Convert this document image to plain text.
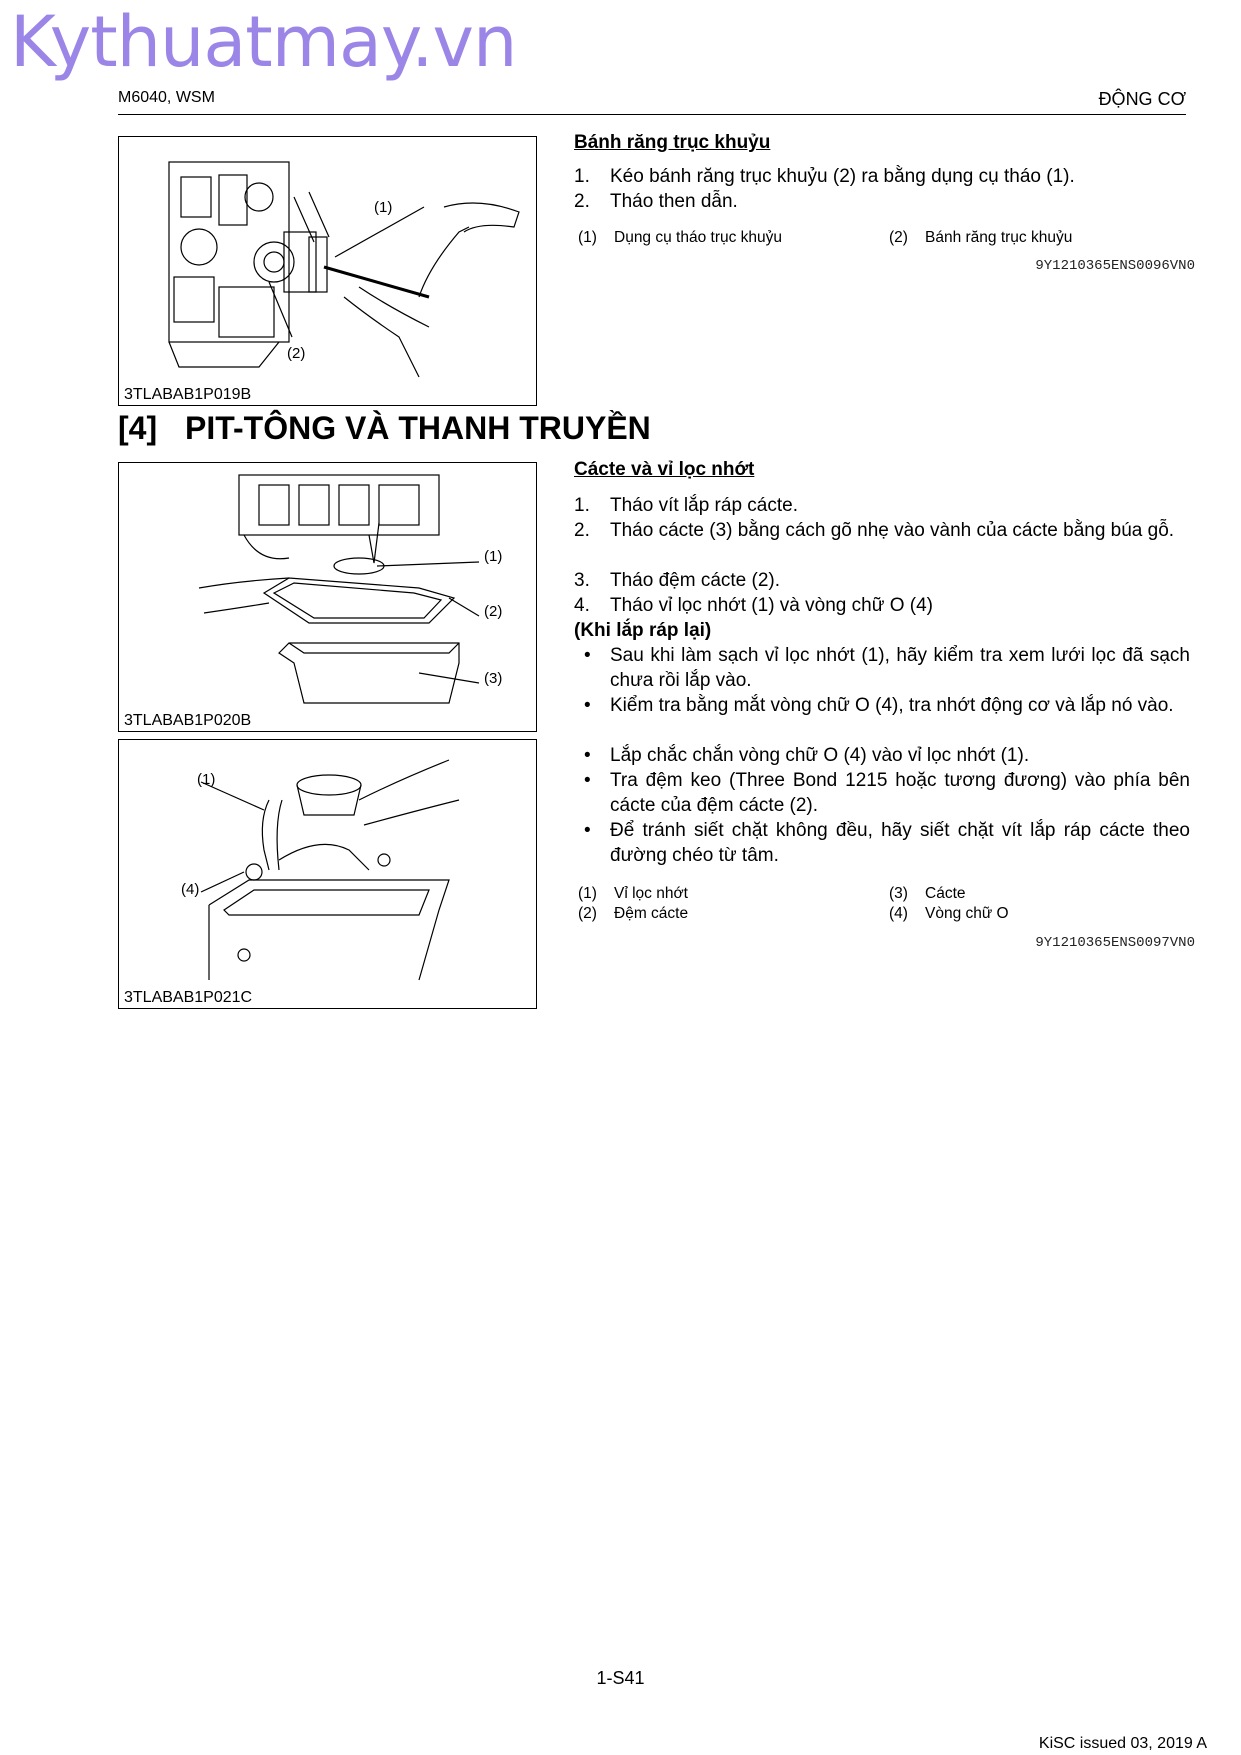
Kythuatmay.vn
M6040, WSM	ĐỘNG CƠ
(1)
(2)
3TLABAB1P019B
Bánh răng trục khuỷu
1. Kéo bánh răng trục khuỷu (2) ra bằng dụng cụ tháo (1).
2. Tháo then dẫn.
(1) Dụng cụ tháo trục khuỷu	(2) Bánh răng trục khuỷu
9Y1210365ENS0096VN0
[4] PIT-TÔNG VÀ THANH TRUYỀN
(1)
(2)
(3)
3TLABAB1P020B
(1)
(4)
3TLABAB1P021C
Cácte và vỉ lọc nhớt
1. Tháo vít lắp ráp cácte.
2. Tháo cácte (3) bằng cách gõ nhẹ vào vành của cácte bằng búa gỗ.
3. Tháo đệm cácte (2).
4. Tháo vỉ lọc nhớt (1) và vòng chữ O (4)
(Khi lắp ráp lại)
• Sau khi làm sạch vỉ lọc nhớt (1), hãy kiểm tra xem lưới lọc đã sạch chưa rồi lắp vào.
• Kiểm tra bằng mắt vòng chữ O (4), tra nhớt động cơ và lắp nó vào.
• Lắp chắc chắn vòng chữ O (4) vào vỉ lọc nhớt (1).
• Tra đệm keo (Three Bond 1215 hoặc tương đương) vào phía bên cácte của đệm cácte (2).
• Để tránh siết chặt không đều, hãy siết chặt vít lắp ráp cácte theo đường chéo từ tâm.
(1) Vỉ lọc nhớt	(3) Cácte
(2) Đệm cácte	(4) Vòng chữ O
9Y1210365ENS0097VN0
1-S41
KiSC issued 03, 2019 A
